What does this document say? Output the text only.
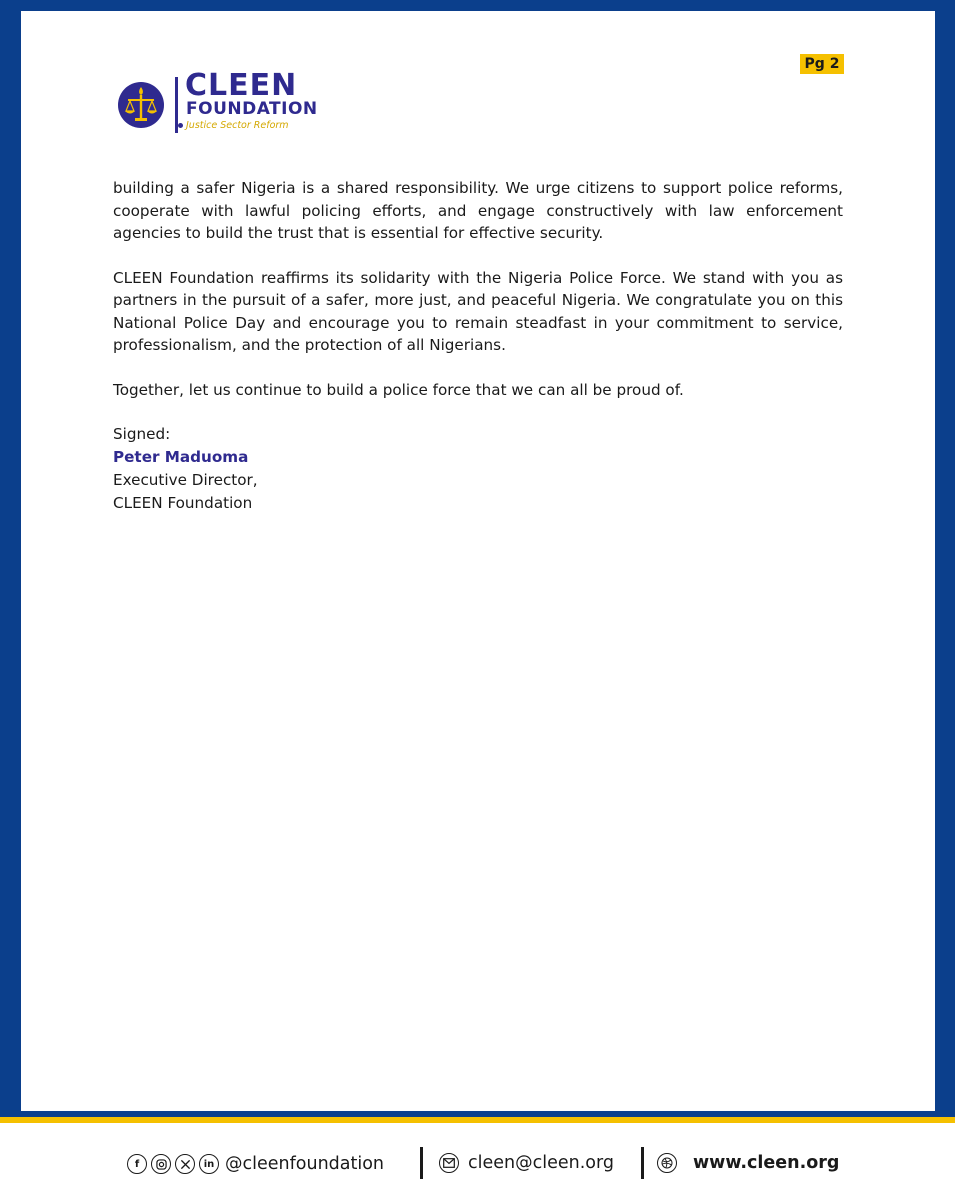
Pg 2
CLEEN
FOUNDATION
Justice Sector Reform

building a safer Nigeria is a shared responsibility. We urge citizens to support police reforms, cooperate with lawful policing efforts, and engage constructively with law enforcement agencies to build the trust that is essential for effective security.

CLEEN Foundation reaffirms its solidarity with the Nigeria Police Force. We stand with you as partners in the pursuit of a safer, more just, and peaceful Nigeria. We congratulate you on this National Police Day and encourage you to remain steadfast in your commitment to service, professionalism, and the protection of all Nigerians.

Together, let us continue to build a police force that we can all be proud of.

Signed:
Peter Maduoma
Executive Director,
CLEEN Foundation
f	in @cleenfoundation	cleen@cleen.org	www.cleen.org
